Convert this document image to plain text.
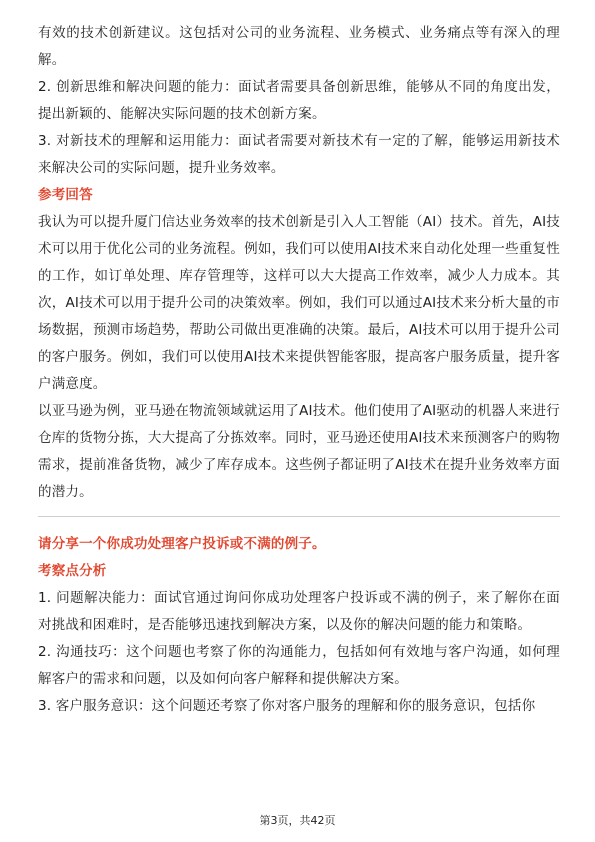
有效的技术创新建议。这包括对公司的业务流程、业务模式、业务痛点等有深入的理解。

2. 创新思维和解决问题的能力：面试者需要具备创新思维，能够从不同的角度出发，提出新颖的、能解决实际问题的技术创新方案。

3. 对新技术的理解和运用能力：面试者需要对新技术有一定的了解，能够运用新技术来解决公司的实际问题，提升业务效率。

参考回答

我认为可以提升厦门信达业务效率的技术创新是引入人工智能（AI）技术。首先，AI技术可以用于优化公司的业务流程。例如，我们可以使用AI技术来自动化处理一些重复性的工作，如订单处理、库存管理等，这样可以大大提高工作效率，减少人力成本。其次，AI技术可以用于提升公司的决策效率。例如，我们可以通过AI技术来分析大量的市场数据，预测市场趋势，帮助公司做出更准确的决策。最后，AI技术可以用于提升公司的客户服务。例如，我们可以使用AI技术来提供智能客服，提高客户服务质量，提升客户满意度。

以亚马逊为例，亚马逊在物流领域就运用了AI技术。他们使用了AI驱动的机器人来进行仓库的货物分拣，大大提高了分拣效率。同时，亚马逊还使用AI技术来预测客户的购物需求，提前准备货物，减少了库存成本。这些例子都证明了AI技术在提升业务效率方面的潜力。

请分享一个你成功处理客户投诉或不满的例子。

考察点分析

1. 问题解决能力：面试官通过询问你成功处理客户投诉或不满的例子，来了解你在面对挑战和困难时，是否能够迅速找到解决方案，以及你的解决问题的能力和策略。

2. 沟通技巧：这个问题也考察了你的沟通能力，包括如何有效地与客户沟通，如何理解客户的需求和问题，以及如何向客户解释和提供解决方案。

3. 客户服务意识：这个问题还考察了你对客户服务的理解和你的服务意识，包括你

第3页，共42页
